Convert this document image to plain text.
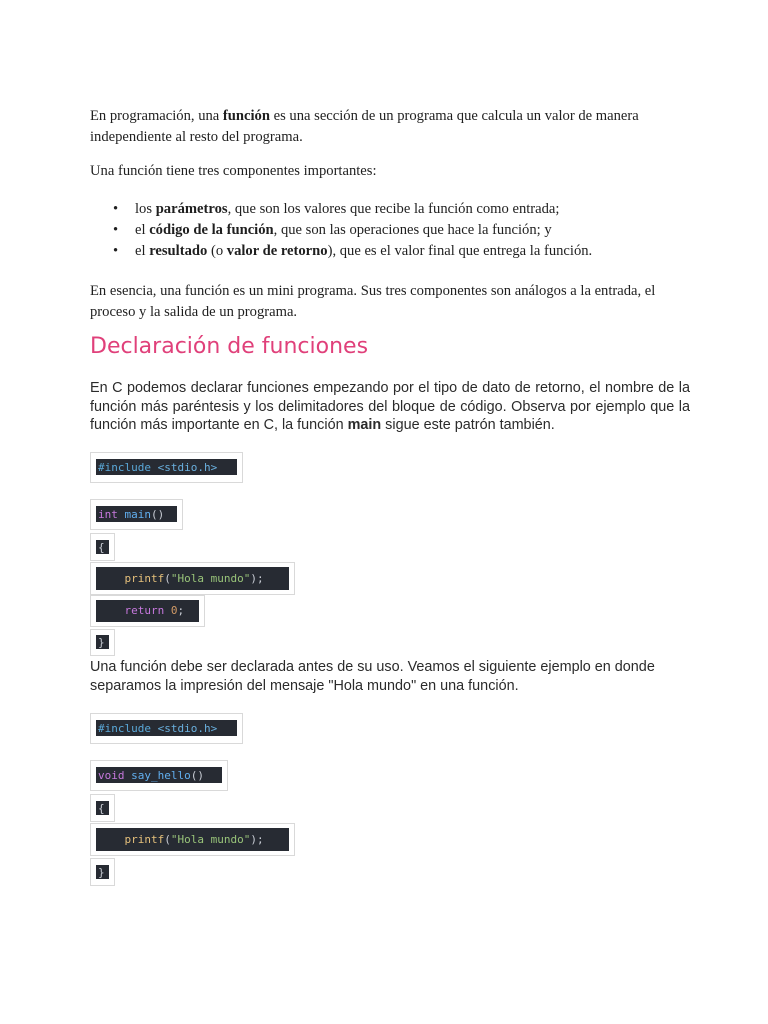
En programación, una función es una sección de un programa que calcula un valor de manera independiente al resto del programa.

Una función tiene tres componentes importantes:

• los parámetros, que son los valores que recibe la función como entrada;
• el código de la función, que son las operaciones que hace la función; y
• el resultado (o valor de retorno), que es el valor final que entrega la función.

En esencia, una función es un mini programa. Sus tres componentes son análogos a la entrada, el proceso y la salida de un programa.

Declaración de funciones

En C podemos declarar funciones empezando por el tipo de dato de retorno, el nombre de la función más paréntesis y los delimitadores del bloque de código. Observa por ejemplo que la función más importante en C, la función main sigue este patrón también.

#include <stdio.h>
int main()
{
printf("Hola mundo");
return 0;
}

Una función debe ser declarada antes de su uso. Veamos el siguiente ejemplo en donde separamos la impresión del mensaje "Hola mundo" en una función.

#include <stdio.h>
void say_hello()
{
printf("Hola mundo");
}
